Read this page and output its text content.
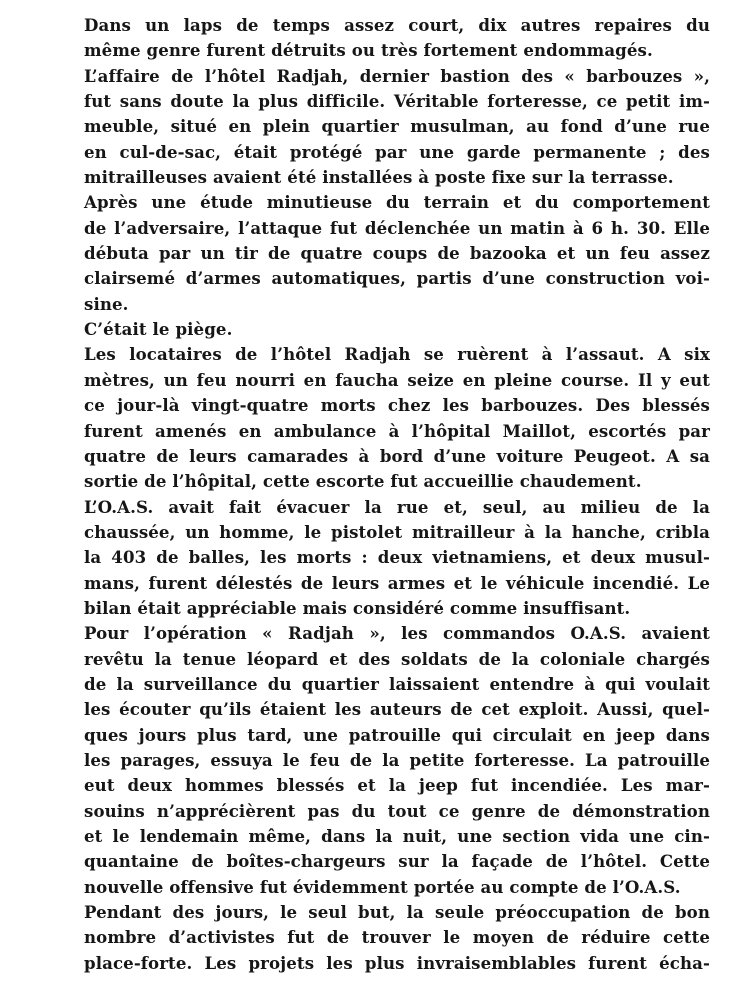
Dans un laps de temps assez court, dix autres repaires du
même genre furent détruits ou très fortement endommagés.
L’affaire de l’hôtel Radjah, dernier bastion des « barbouzes »,
fut sans doute la plus difficile. Véritable forteresse, ce petit im-
meuble, situé en plein quartier musulman, au fond d’une rue
en cul-de-sac, était protégé par une garde permanente ; des
mitrailleuses avaient été installées à poste fixe sur la terrasse.
Après une étude minutieuse du terrain et du comportement
de l’adversaire, l’attaque fut déclenchée un matin à 6 h. 30. Elle
débuta par un tir de quatre coups de bazooka et un feu assez
clairsemé d’armes automatiques, partis d’une construction voi-
sine.
C’était le piège.
Les locataires de l’hôtel Radjah se ruèrent à l’assaut. A six
mètres, un feu nourri en faucha seize en pleine course. Il y eut
ce jour-là vingt-quatre morts chez les barbouzes. Des blessés
furent amenés en ambulance à l’hôpital Maillot, escortés par
quatre de leurs camarades à bord d’une voiture Peugeot. A sa
sortie de l’hôpital, cette escorte fut accueillie chaudement.
L’O.A.S. avait fait évacuer la rue et, seul, au milieu de la
chaussée, un homme, le pistolet mitrailleur à la hanche, cribla
la 403 de balles, les morts : deux vietnamiens, et deux musul-
mans, furent délestés de leurs armes et le véhicule incendié. Le
bilan était appréciable mais considéré comme insuffisant.
Pour l’opération « Radjah », les commandos O.A.S. avaient
revêtu la tenue léopard et des soldats de la coloniale chargés
de la surveillance du quartier laissaient entendre à qui voulait
les écouter qu’ils étaient les auteurs de cet exploit. Aussi, quel-
ques jours plus tard, une patrouille qui circulait en jeep dans
les parages, essuya le feu de la petite forteresse. La patrouille
eut deux hommes blessés et la jeep fut incendiée. Les mar-
souins n’apprécièrent pas du tout ce genre de démonstration
et le lendemain même, dans la nuit, une section vida une cin-
quantaine de boîtes-chargeurs sur la façade de l’hôtel. Cette
nouvelle offensive fut évidemment portée au compte de l’O.A.S.
Pendant des jours, le seul but, la seule préoccupation de bon
nombre d’activistes fut de trouver le moyen de réduire cette
place-forte. Les projets les plus invraisemblables furent écha-
